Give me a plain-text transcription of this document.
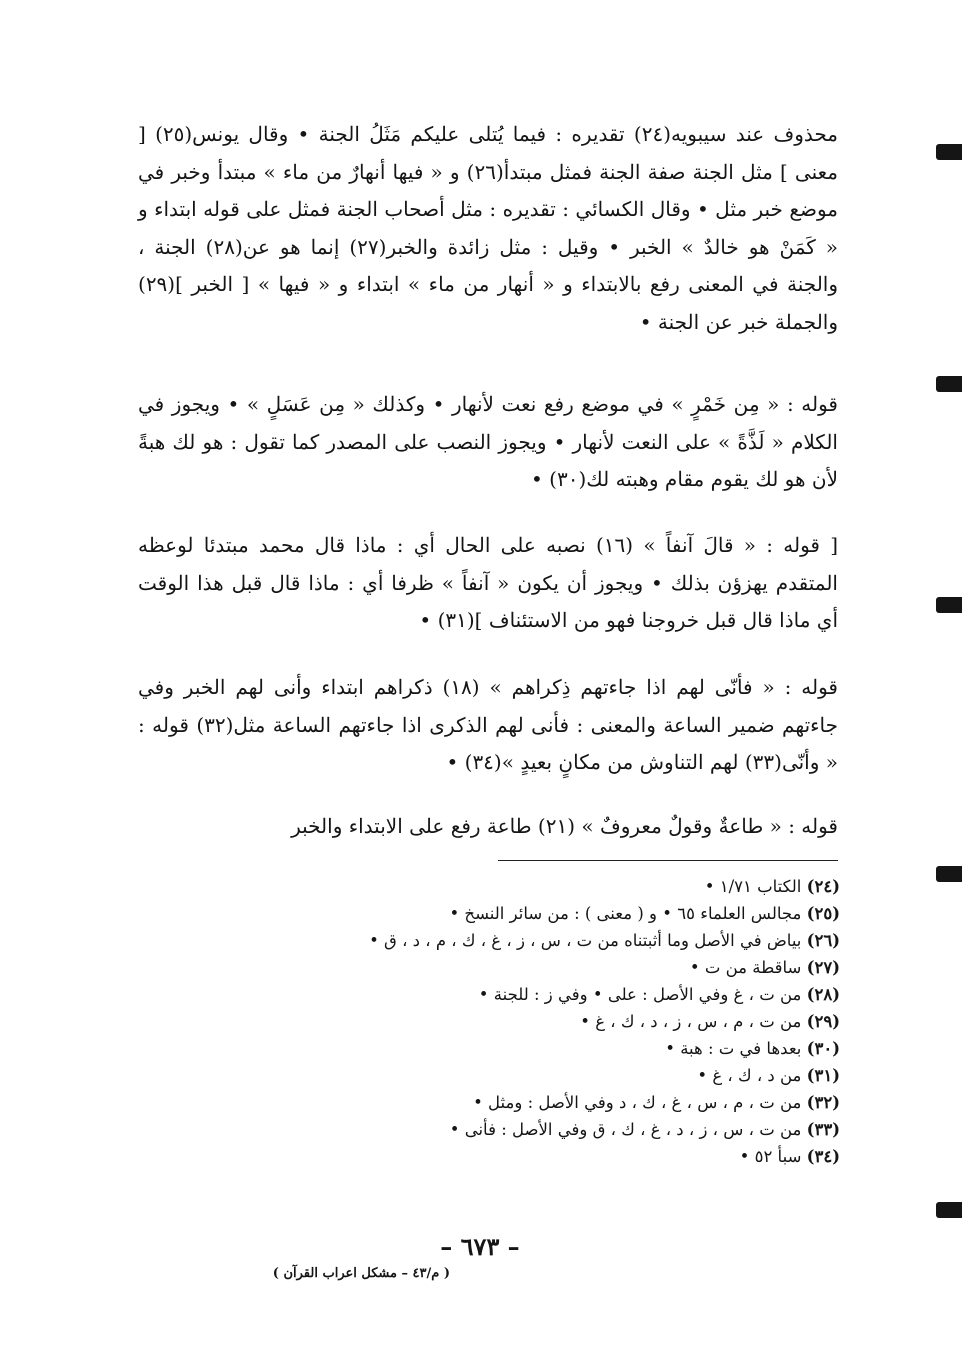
محذوف عند سيبويه(٢٤) تقديره : فيما يُتلى عليكم مَثَلُ الجنة • وقال يونس(٢٥) [ معنى ] مثل الجنة صفة الجنة فمثل مبتدأ(٢٦) و « فيها أنهارٌ من ماء » مبتدأ وخبر في موضع خبر مثل • وقال الكسائي : تقديره : مثل أصحاب الجنة فمثل على قوله ابتداء و « كَمَنْ هو خالدٌ » الخبر • وقيل : مثل زائدة والخبر(٢٧) إنما هو عن(٢٨) الجنة ، والجنة في المعنى رفع بالابتداء و « أنهار من ماء » ابتداء و « فيها » [ الخبر ](٢٩) والجملة خبر عن الجنة •

قوله : « مِن خَمْرٍ » في موضع رفع نعت لأنهار • وكذلك « مِن عَسَلٍ » • ويجوز في الكلام « لَذَّةً » على النعت لأنهار • ويجوز النصب على المصدر كما تقول : هو لك هبةً لأن هو لك يقوم مقام وهبته لك(٣٠) •

[ قوله : « قالَ آنفاً » (١٦) نصبه على الحال أي : ماذا قال محمد مبتدئا لوعظه المتقدم يهزؤن بذلك • ويجوز أن يكون « آنفاً » ظرفا أي : ماذا قال قبل هذا الوقت أي ماذا قال قبل خروجنا فهو من الاستئناف ](٣١) •

قوله : « فأنّى لهم اذا جاءتهم ذِكراهم » (١٨) ذكراهم ابتداء وأنى لهم الخبر وفي جاءتهم ضمير الساعة والمعنى : فأنى لهم الذكرى اذا جاءتهم الساعة مثل(٣٢) قوله : « وأنّى(٣٣) لهم التناوش من مكانٍ بعيدٍ »(٣٤) •

قوله : « طاعةٌ وقولٌ معروفٌ » (٢١) طاعة رفع على الابتداء والخبر

(٢٤) الكتاب ١/٧١ •
(٢٥) مجالس العلماء ٦٥ • و ( معنى ) : من سائر النسخ •
(٢٦) بياض في الأصل وما أثبتناه من ت ، س ، ز ، غ ، ك ، م ، د ، ق •
(٢٧) ساقطة من ت •
(٢٨) من ت ، غ وفي الأصل : على • وفي ز : للجنة •
(٢٩) من ت ، م ، س ، ز ، د ، ك ، غ •
(٣٠) بعدها في ت : هبة •
(٣١) من د ، ك ، غ •
(٣٢) من ت ، م ، س ، غ ، ك ، د وفي الأصل : ومثل •
(٣٣) من ت ، س ، ز ، د ، غ ، ك ، ق وفي الأصل : فأنى •
(٣٤) سبأ ٥٢ •
– ٦٧٣ –
( م/٤٣ – مشكل اعراب القرآن )
